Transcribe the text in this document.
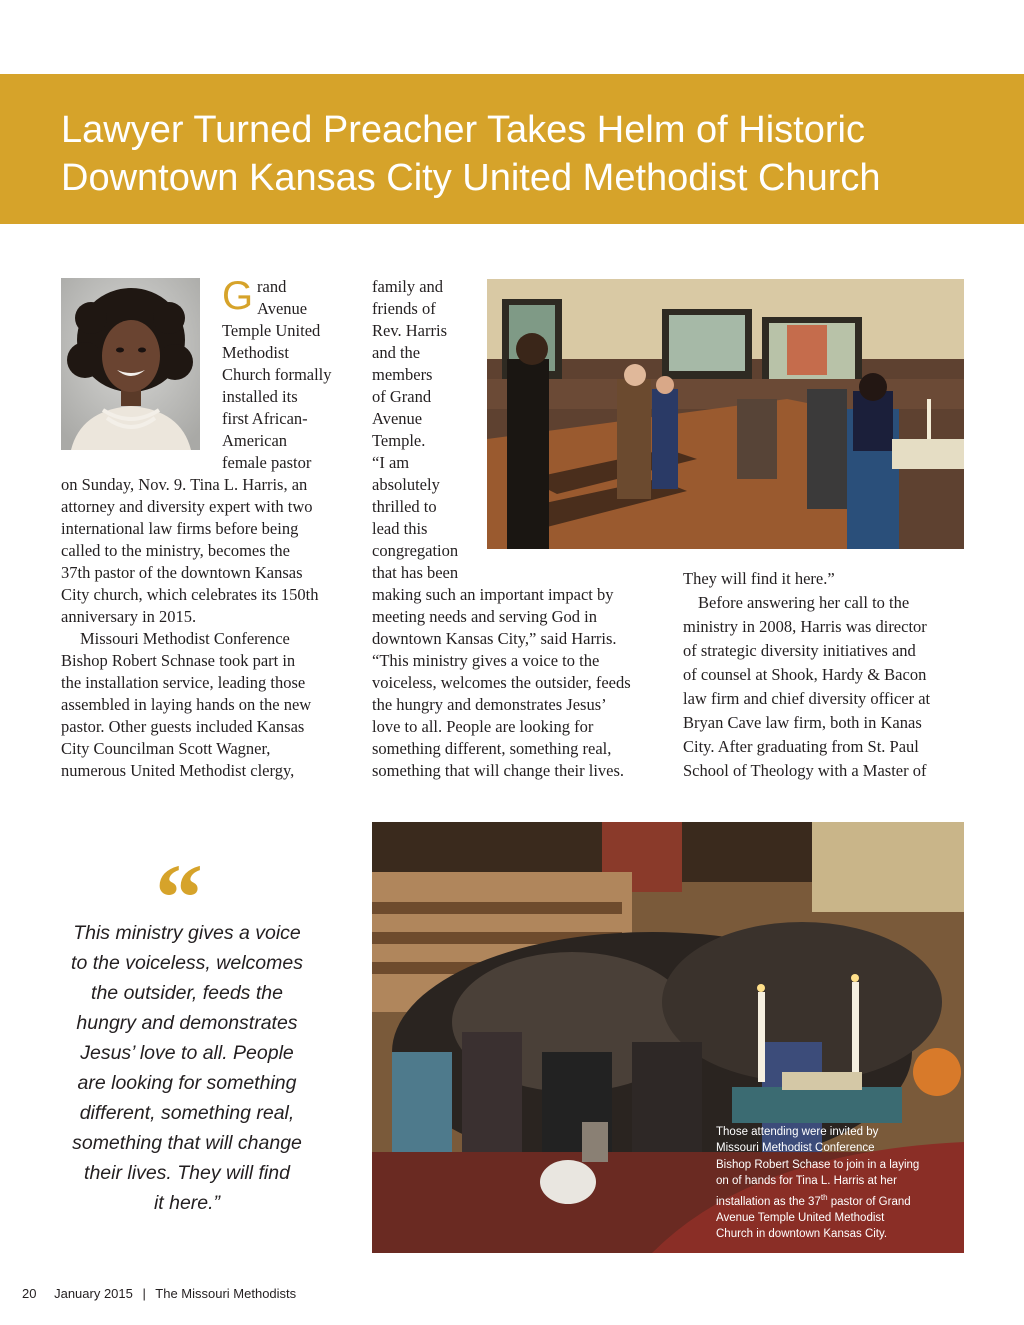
Lawyer Turned Preacher Takes Helm of Historic
Downtown Kansas City United Methodist Church
G rand
Avenue
Temple United
Methodist
Church formally
installed its
first African-
American
female pastor
on Sunday, Nov. 9. Tina L. Harris, an
attorney and diversity expert with two
international law firms before being
called to the ministry, becomes the
37th pastor of the downtown Kansas
City church, which celebrates its 150th
anniversary in 2015.
Missouri Methodist Conference
Bishop Robert Schnase took part in
the installation service, leading those
assembled in laying hands on the new
pastor. Other guests included Kansas
City Councilman Scott Wagner,
numerous United Methodist clergy,
family and
friends of
Rev. Harris
and the
members
of Grand
Avenue
Temple.
“I am
absolutely
thrilled to
lead this
congregation
that has been
making such an important impact by
meeting needs and serving God in
downtown Kansas City,” said Harris.
“This ministry gives a voice to the
voiceless, welcomes the outsider, feeds
the hungry and demonstrates Jesus’
love to all. People are looking for
something different, something real,
something that will change their lives.
They will find it here.”
Before answering her call to the
ministry in 2008, Harris was director
of strategic diversity initiatives and
of counsel at Shook, Hardy & Bacon
law firm and chief diversity officer at
Bryan Cave law firm, both in Kanas
City. After graduating from St. Paul
School of Theology with a Master of
“
This ministry gives a voice
to the voiceless, welcomes
the outsider, feeds the
hungry and demonstrates
Jesus’ love to all. People
are looking for something
different, something real,
something that will change
their lives. They will find
it here.”
Those attending were invited by
Missouri Methodist Conference
Bishop Robert Schase to join in a laying
on of hands for Tina L. Harris at her
installation as the 37th pastor of Grand
Avenue Temple United Methodist
Church in downtown Kansas City.
20 January 2015 | The Missouri Methodists
